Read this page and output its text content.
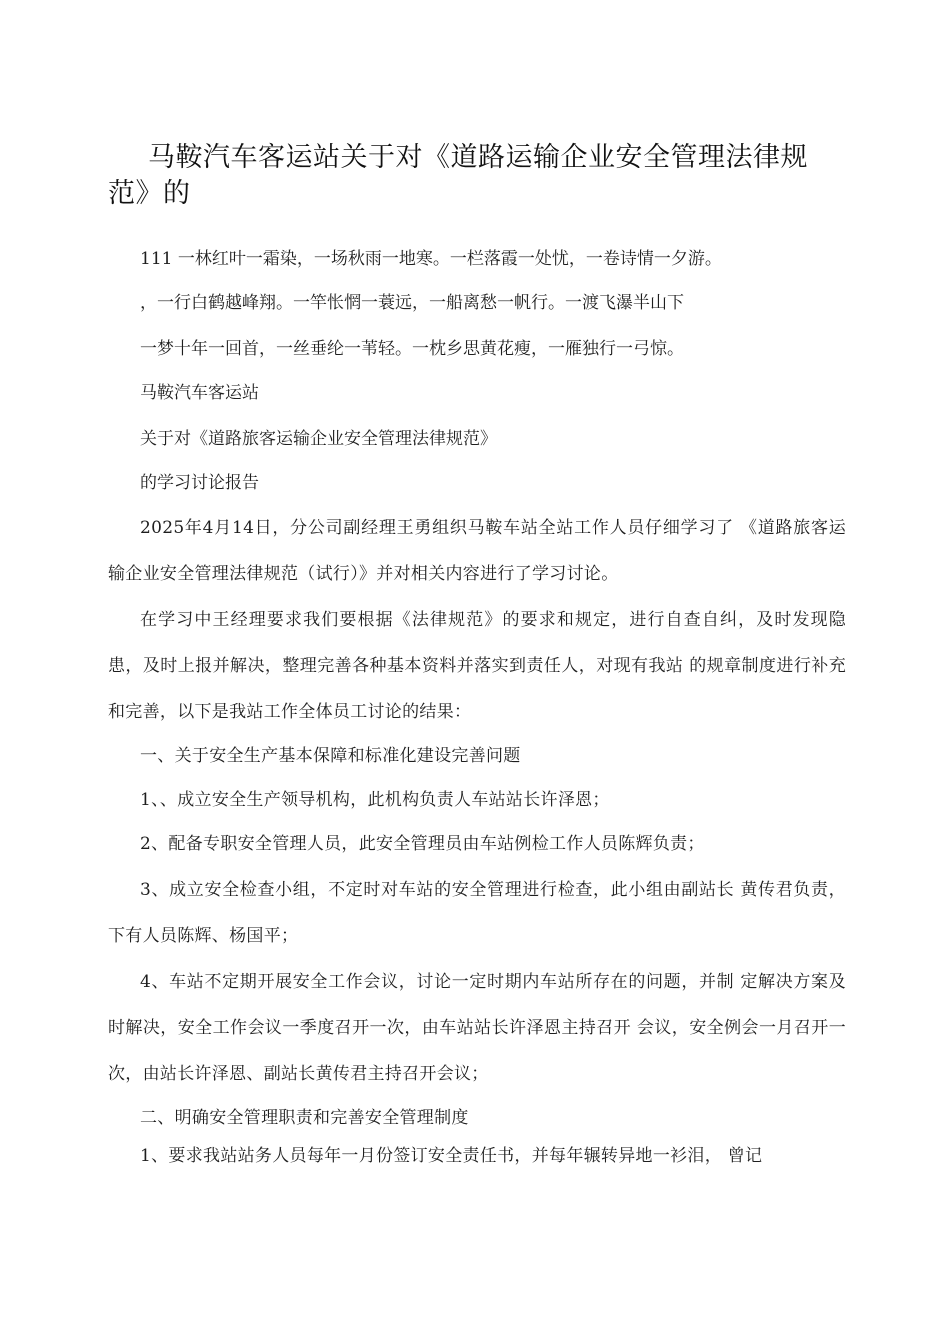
马鞍汽车客运站关于对《道路运输企业安全管理法律规范》的
111 一林红叶一霜染，一场秋雨一地寒。一栏落霞一处忧，一卷诗情一夕游。
，一行白鹤越峰翔。一竿怅惘一蓑远，一船离愁一帆行。一渡飞瀑半山下
一梦十年一回首，一丝垂纶一苇轻。一枕乡思黄花瘦，一雁独行一弓惊。
马鞍汽车客运站
关于对《道路旅客运输企业安全管理法律规范》
的学习讨论报告
2025年4月14日，分公司副经理王勇组织马鞍车站全站工作人员仔细学习了 《道路旅客运输企业安全管理法律规范（试行）》并对相关内容进行了学习讨论。
在学习中王经理要求我们要根据《法律规范》的要求和规定，进行自查自纠，及时发现隐患，及时上报并解决，整理完善各种基本资料并落实到责任人，对现有我站 的规章制度进行补充和完善，以下是我站工作全体员工讨论的结果：
一、关于安全生产基本保障和标准化建设完善问题
1、、成立安全生产领导机构，此机构负责人车站站长许泽恩；
2、配备专职安全管理人员，此安全管理员由车站例检工作人员陈辉负责；
3、成立安全检查小组，不定时对车站的安全管理进行检查，此小组由副站长 黄传君负责，下有人员陈辉、杨国平；
4、车站不定期开展安全工作会议，讨论一定时期内车站所存在的问题，并制 定解决方案及时解决，安全工作会议一季度召开一次，由车站站长许泽恩主持召开 会议，安全例会一月召开一次，由站长许泽恩、副站长黄传君主持召开会议；
二、明确安全管理职责和完善安全管理制度
1、要求我站站务人员每年一月份签订安全责任书，并每年辗转异地一衫泪， 曾记
